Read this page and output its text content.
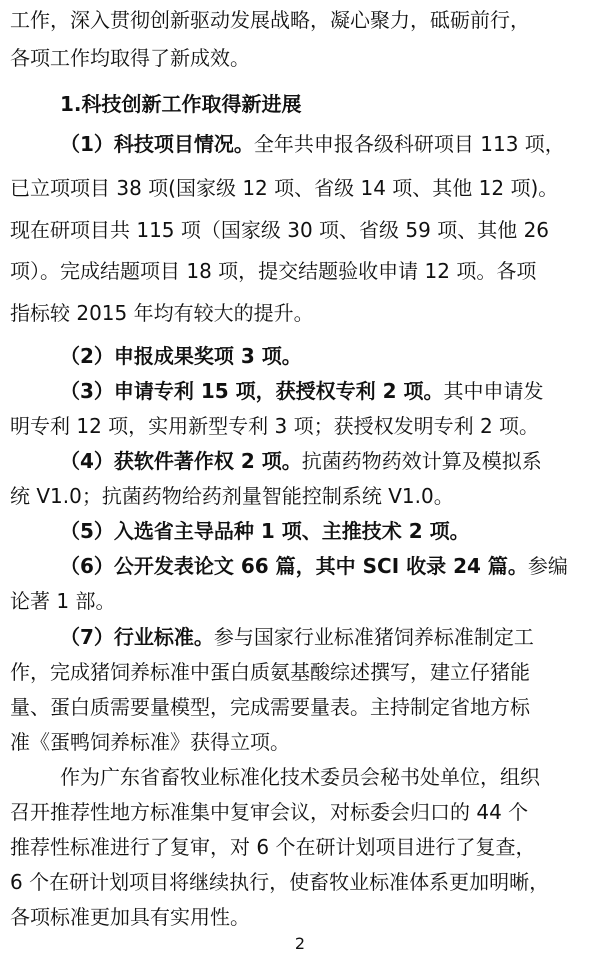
工作，深入贯彻创新驱动发展战略，凝心聚力，砥砺前行，
各项工作均取得了新成效。
1.科技创新工作取得新进展
（1）科技项目情况。全年共申报各级科研项目 113 项，
已立项项目 38 项(国家级 12 项、省级 14 项、其他 12 项)。
现在研项目共 115 项（国家级 30 项、省级 59 项、其他 26
项）。完成结题项目 18 项，提交结题验收申请 12 项。各项
指标较 2015 年均有较大的提升。
（2）申报成果奖项 3 项。
（3）申请专利 15 项，获授权专利 2 项。其中申请发
明专利 12 项，实用新型专利 3 项；获授权发明专利 2 项。
（4）获软件著作权 2 项。抗菌药物药效计算及模拟系
统 V1.0；抗菌药物给药剂量智能控制系统 V1.0。
（5）入选省主导品种 1 项、主推技术 2 项。
（6）公开发表论文 66 篇，其中 SCI 收录 24 篇。参编
论著 1 部。
（7）行业标准。参与国家行业标准猪饲养标准制定工
作，完成猪饲养标准中蛋白质氨基酸综述撰写，建立仔猪能
量、蛋白质需要量模型，完成需要量表。主持制定省地方标
准《蛋鸭饲养标准》获得立项。
作为广东省畜牧业标准化技术委员会秘书处单位，组织
召开推荐性地方标准集中复审会议，对标委会归口的 44 个
推荐性标准进行了复审，对 6 个在研计划项目进行了复查，
6 个在研计划项目将继续执行，使畜牧业标准体系更加明晰，
各项标准更加具有实用性。
2
